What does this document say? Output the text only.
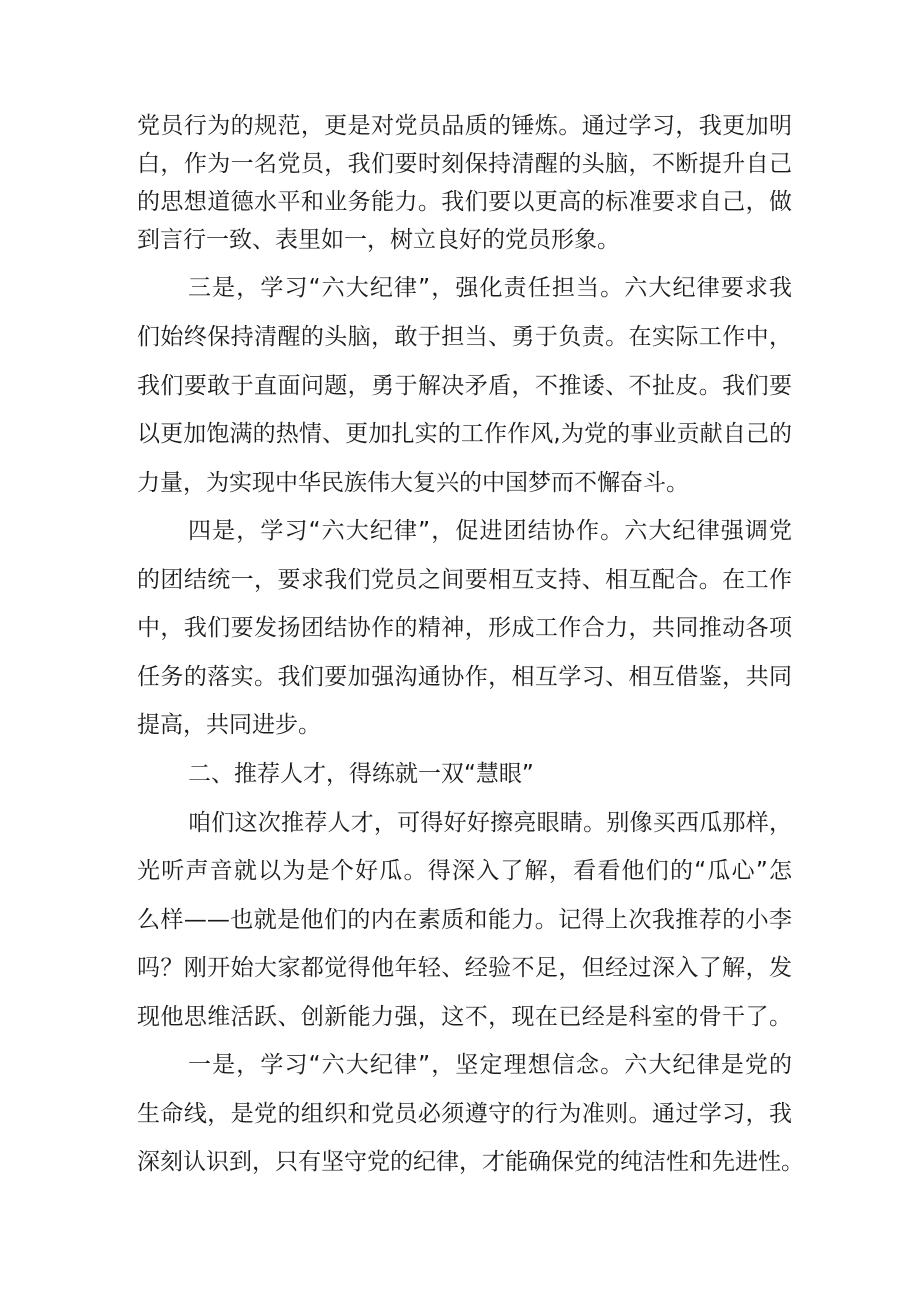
党员行为的规范，更是对党员品质的锤炼。通过学习，我更加明
白，作为一名党员，我们要时刻保持清醒的头脑，不断提升自己
的思想道德水平和业务能力。我们要以更高的标准要求自己，做
到言行一致、表里如一，树立良好的党员形象。
三是，学习“六大纪律”，强化责任担当。六大纪律要求我
们始终保持清醒的头脑，敢于担当、勇于负责。在实际工作中，
我们要敢于直面问题，勇于解决矛盾，不推诿、不扯皮。我们要
以更加饱满的热情、更加扎实的工作作风,为党的事业贡献自己的
力量，为实现中华民族伟大复兴的中国梦而不懈奋斗。
四是，学习“六大纪律”，促进团结协作。六大纪律强调党
的团结统一，要求我们党员之间要相互支持、相互配合。在工作
中，我们要发扬团结协作的精神，形成工作合力，共同推动各项
任务的落实。我们要加强沟通协作，相互学习、相互借鉴，共同
提高，共同进步。
二、推荐人才，得练就一双“慧眼”
咱们这次推荐人才，可得好好擦亮眼睛。别像买西瓜那样，
光听声音就以为是个好瓜。得深入了解，看看他们的“瓜心”怎
么样——也就是他们的内在素质和能力。记得上次我推荐的小李
吗？刚开始大家都觉得他年轻、经验不足，但经过深入了解，发
现他思维活跃、创新能力强，这不，现在已经是科室的骨干了。
一是，学习“六大纪律”，坚定理想信念。六大纪律是党的
生命线，是党的组织和党员必须遵守的行为准则。通过学习，我
深刻认识到，只有坚守党的纪律，才能确保党的纯洁性和先进性。
